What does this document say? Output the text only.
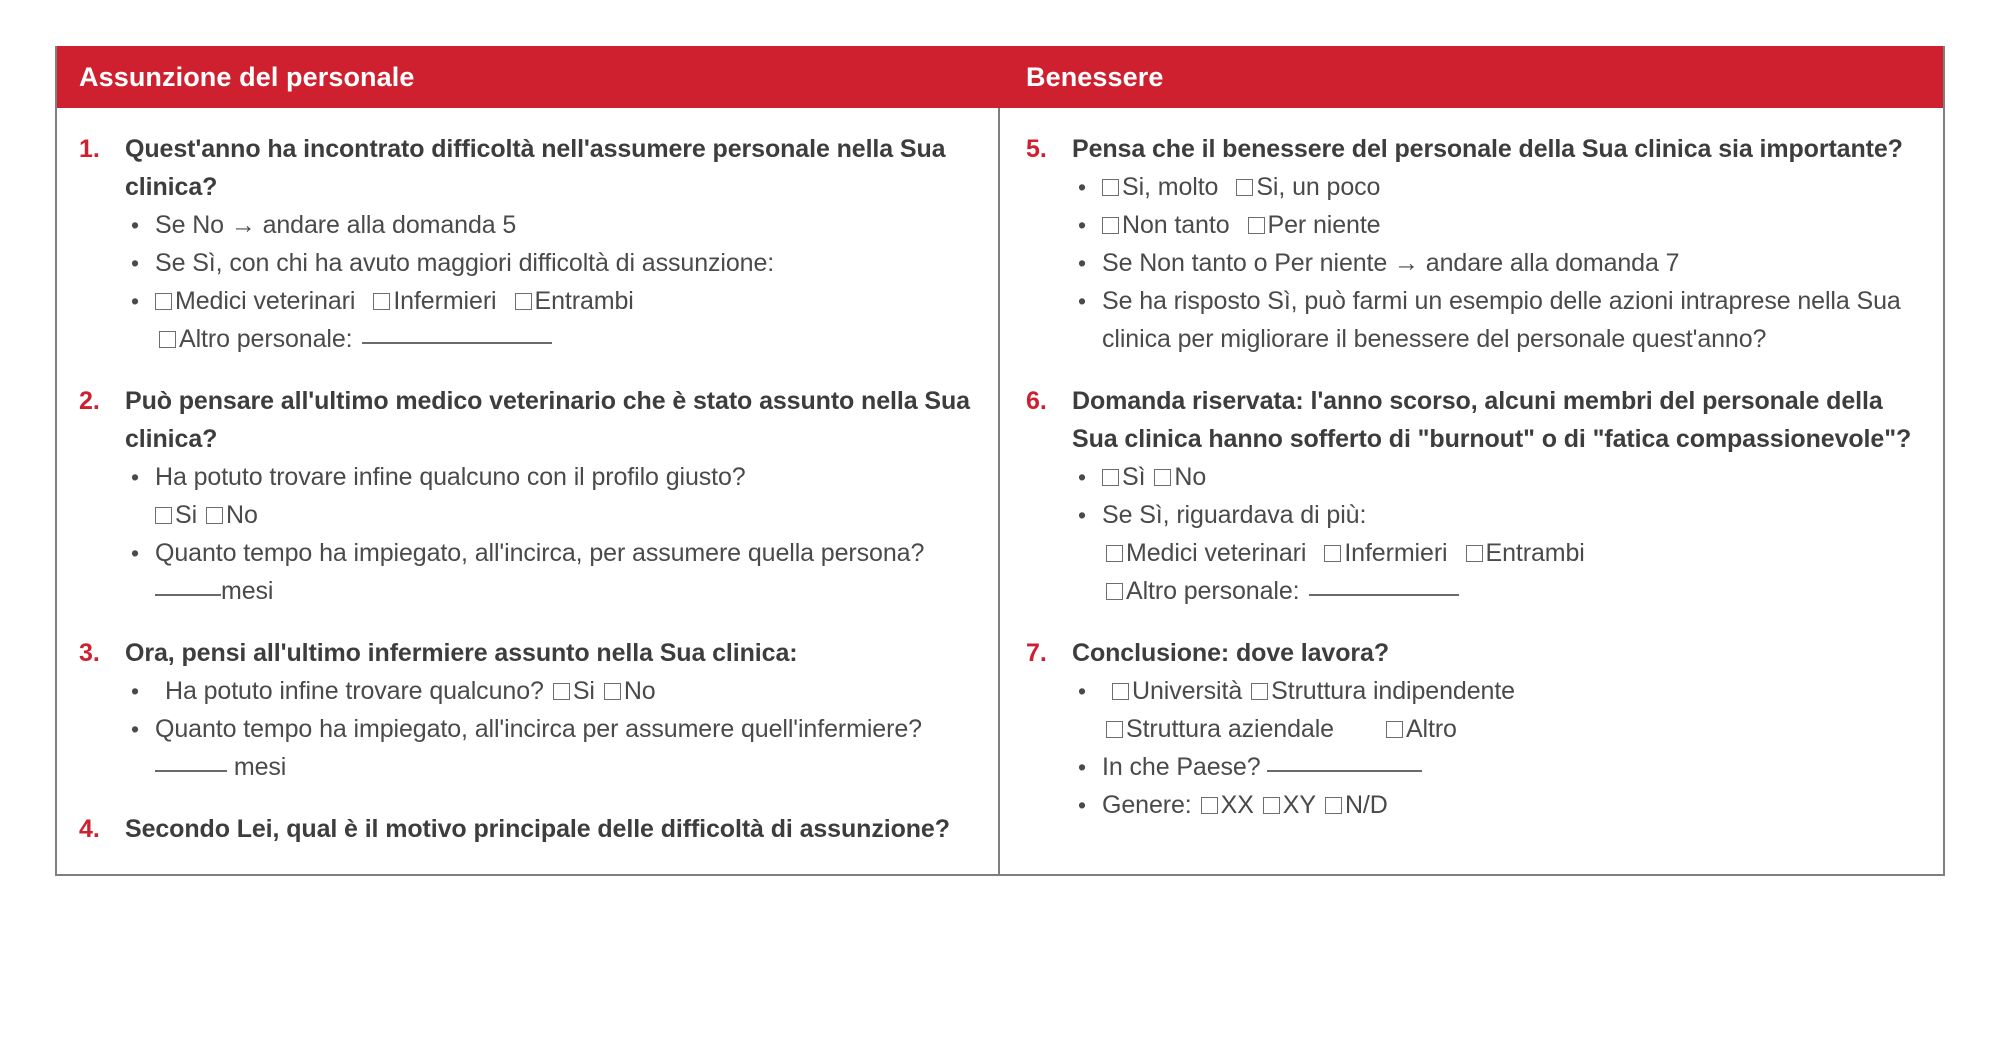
Assunzione del personale	Benessere
1.	Quest'anno ha incontrato difficoltà nell'assumere personale nella Sua clinica?
• Se No → andare alla domanda 5
• Se Sì, con chi ha avuto maggiori difficoltà di assunzione:
• Medici veterinari Infermieri Entrambi
Altro personale:
2.	Può pensare all'ultimo medico veterinario che è stato assunto nella Sua clinica?
• Ha potuto trovare infine qualcuno con il profilo giusto?
Si No
• Quanto tempo ha impiegato, all'incirca, per assumere quella persona?
mesi
3.	Ora, pensi all'ultimo infermiere assunto nella Sua clinica:
• Ha potuto infine trovare qualcuno? Si No
• Quanto tempo ha impiegato, all'incirca per assumere quell'infermiere?
mesi
4.	Secondo Lei, qual è il motivo principale delle difficoltà di assunzione?
5.	Pensa che il benessere del personale della Sua clinica sia importante?
• Si, molto Si, un poco
• Non tanto Per niente
• Se Non tanto o Per niente → andare alla domanda 7
• Se ha risposto Sì, può farmi un esempio delle azioni intraprese nella Sua clinica per migliorare il benessere del personale quest'anno?
6.	Domanda riservata: l'anno scorso, alcuni membri del personale della Sua clinica hanno sofferto di "burnout" o di "fatica compassionevole"?
• Sì No
• Se Sì, riguardava di più:
Medici veterinari Infermieri Entrambi
Altro personale:
7.	Conclusione: dove lavora?
• Università Struttura indipendente
Struttura aziendale	Altro
• In che Paese?
• Genere: XX XY N/D
